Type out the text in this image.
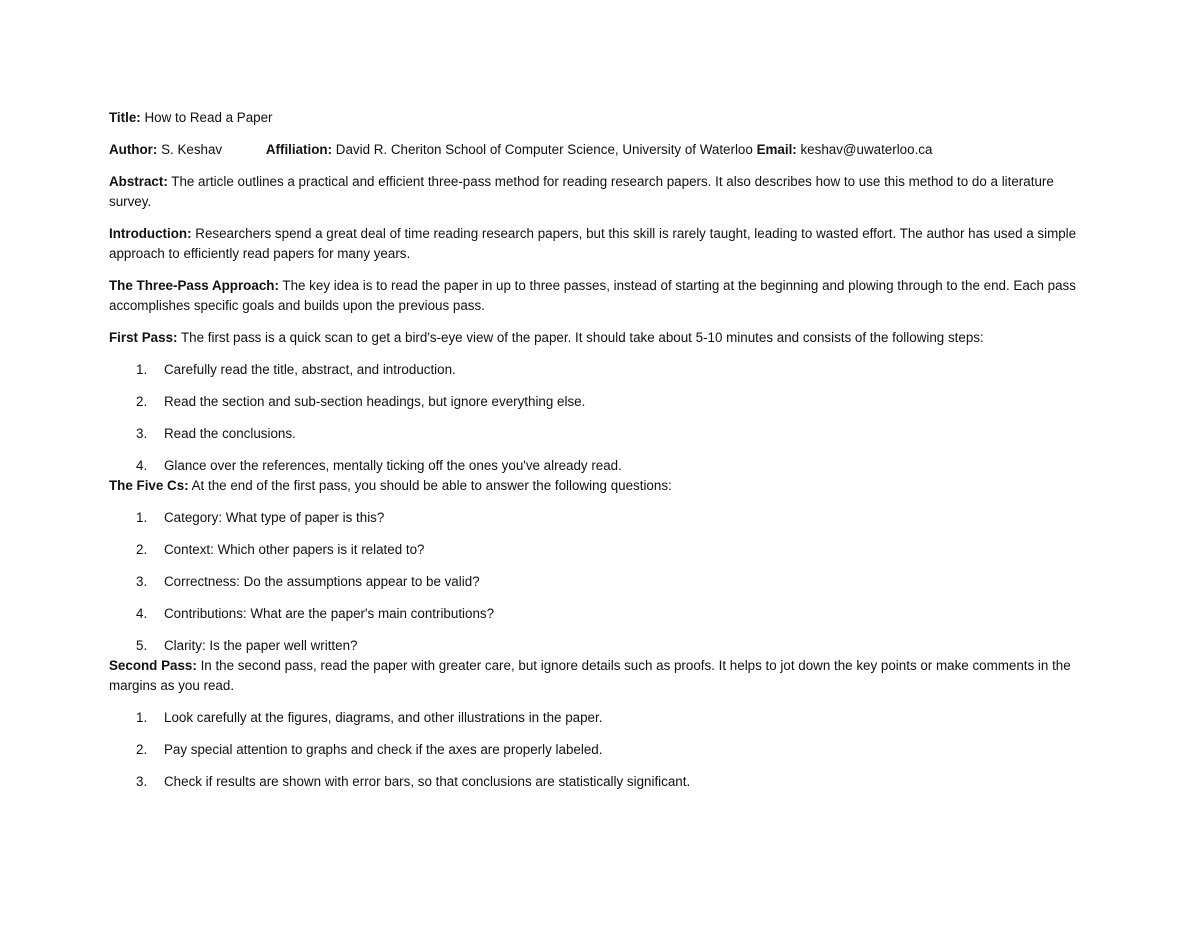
Title: How to Read a Paper

Author: S. Keshav	Affiliation: David R. Cheriton School of Computer Science, University of Waterloo Email: keshav@uwaterloo.ca

Abstract: The article outlines a practical and efficient three-pass method for reading research papers. It also describes how to use this method to do a literature survey.

Introduction: Researchers spend a great deal of time reading research papers, but this skill is rarely taught, leading to wasted effort. The author has used a simple approach to efficiently read papers for many years.

The Three-Pass Approach: The key idea is to read the paper in up to three passes, instead of starting at the beginning and plowing through to the end. Each pass accomplishes specific goals and builds upon the previous pass.

First Pass: The first pass is a quick scan to get a bird's-eye view of the paper. It should take about 5-10 minutes and consists of the following steps:

1. Carefully read the title, abstract, and introduction.
2. Read the section and sub-section headings, but ignore everything else.
3. Read the conclusions.
4. Glance over the references, mentally ticking off the ones you've already read.

The Five Cs: At the end of the first pass, you should be able to answer the following questions:

1. Category: What type of paper is this?
2. Context: Which other papers is it related to?
3. Correctness: Do the assumptions appear to be valid?
4. Contributions: What are the paper's main contributions?
5. Clarity: Is the paper well written?

Second Pass: In the second pass, read the paper with greater care, but ignore details such as proofs. It helps to jot down the key points or make comments in the margins as you read.

1. Look carefully at the figures, diagrams, and other illustrations in the paper.
2. Pay special attention to graphs and check if the axes are properly labeled.
3. Check if results are shown with error bars, so that conclusions are statistically significant.
